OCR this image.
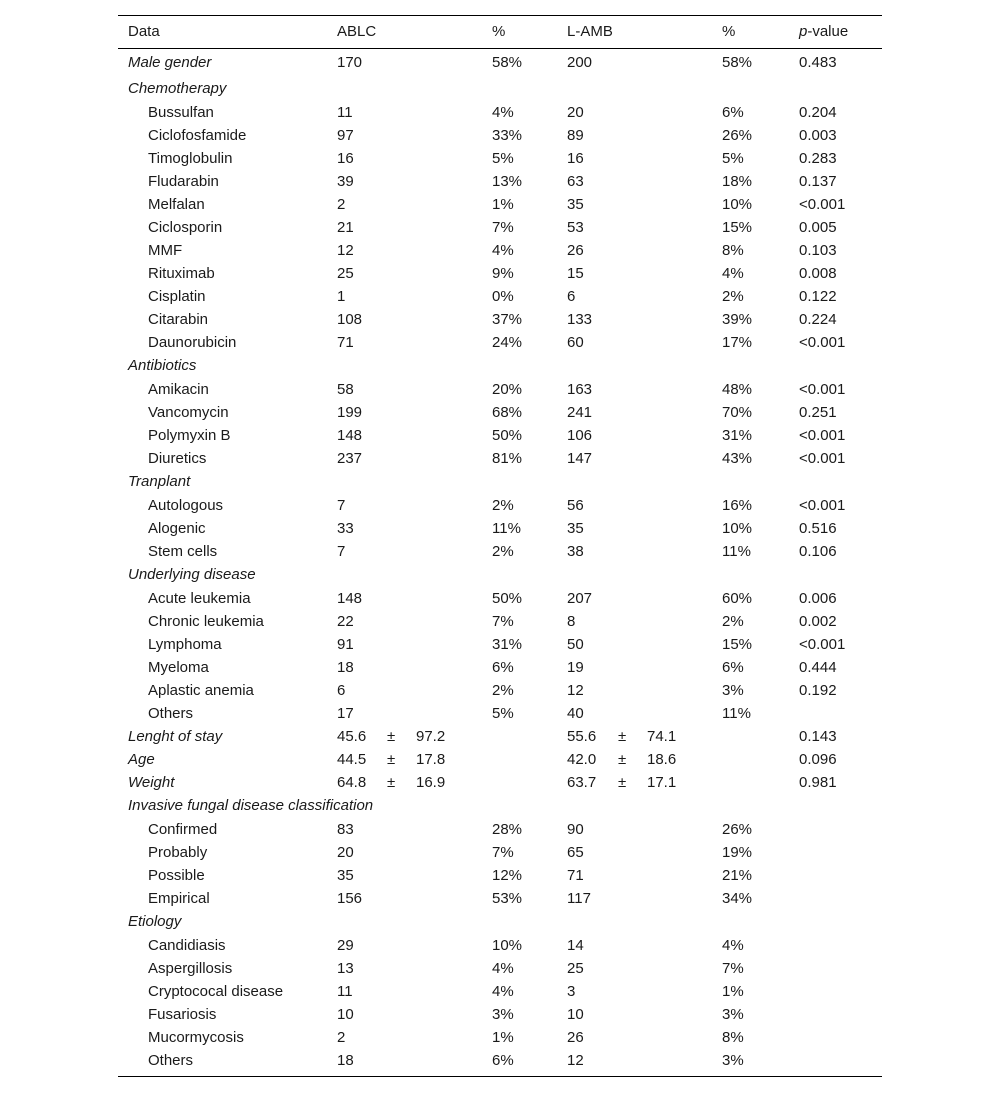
Data	ABLC	%	L-AMB	%	p-value
Male gender	170	58%	200	58%	0.483
Chemotherapy
Bussulfan	11	4%	20	6%	0.204
Ciclofosfamide	97	33%	89	26%	0.003
Timoglobulin	16	5%	16	5%	0.283
Fludarabin	39	13%	63	18%	0.137
Melfalan	2	1%	35	10%	<0.001
Ciclosporin	21	7%	53	15%	0.005
MMF	12	4%	26	8%	0.103
Rituximab	25	9%	15	4%	0.008
Cisplatin	1	0%	6	2%	0.122
Citarabin	108	37%	133	39%	0.224
Daunorubicin	71	24%	60	17%	<0.001
Antibiotics
Amikacin	58	20%	163	48%	<0.001
Vancomycin	199	68%	241	70%	0.251
Polymyxin B	148	50%	106	31%	<0.001
Diuretics	237	81%	147	43%	<0.001
Tranplant
Autologous	7	2%	56	16%	<0.001
Alogenic	33	11%	35	10%	0.516
Stem cells	7	2%	38	11%	0.106
Underlying disease
Acute leukemia	148	50%	207	60%	0.006
Chronic leukemia	22	7%	8	2%	0.002
Lymphoma	91	31%	50	15%	<0.001
Myeloma	18	6%	19	6%	0.444
Aplastic anemia	6	2%	12	3%	0.192
Others	17	5%	40	11%
Lenght of stay	45.6 ± 97.2	55.6 ± 74.1	0.143
Age	44.5 ± 17.8	42.0 ± 18.6	0.096
Weight	64.8 ± 16.9	63.7 ± 17.1	0.981
Invasive fungal disease classification
Confirmed	83	28%	90	26%
Probably	20	7%	65	19%
Possible	35	12%	71	21%
Empirical	156	53%	117	34%
Etiology
Candidiasis	29	10%	14	4%
Aspergillosis	13	4%	25	7%
Cryptococal disease	11	4%	3	1%
Fusariosis	10	3%	10	3%
Mucormycosis	2	1%	26	8%
Others	18	6%	12	3%
